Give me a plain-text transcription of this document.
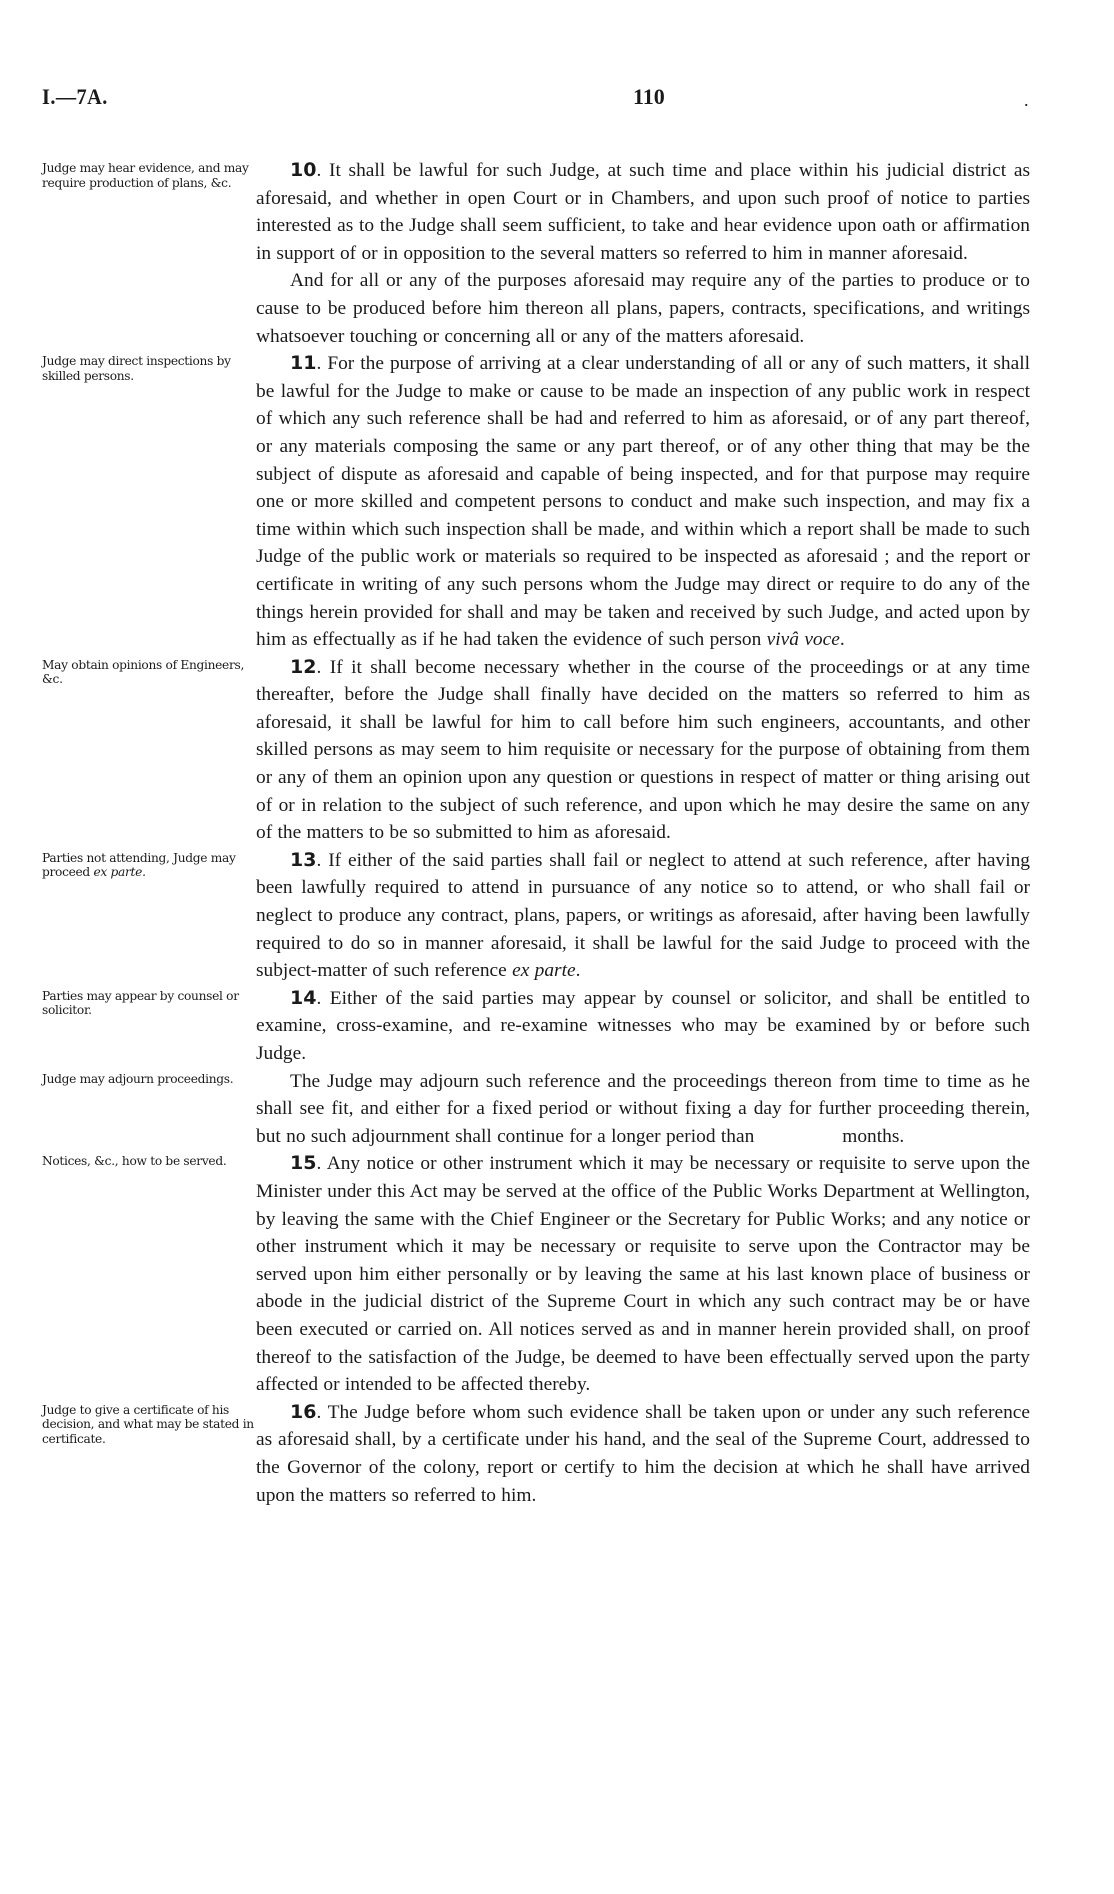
I.—7A.	110	.
Judge may hear evidence, and may require production of plans, &c.

10. It shall be lawful for such Judge, at such time and place within his judicial district as aforesaid, and whether in open Court or in Chambers, and upon such proof of notice to parties interested as to the Judge shall seem sufficient, to take and hear evidence upon oath or affirmation in support of or in opposition to the several matters so referred to him in manner aforesaid.

And for all or any of the purposes aforesaid may require any of the parties to produce or to cause to be produced before him thereon all plans, papers, contracts, specifications, and writings whatsoever touching or concerning all or any of the matters aforesaid.

Judge may direct inspections by skilled persons.

11. For the purpose of arriving at a clear understanding of all or any of such matters, it shall be lawful for the Judge to make or cause to be made an inspection of any public work in respect of which any such reference shall be had and referred to him as aforesaid, or of any part thereof, or any materials composing the same or any part thereof, or of any other thing that may be the subject of dispute as aforesaid and capable of being inspected, and for that purpose may require one or more skilled and competent persons to conduct and make such inspection, and may fix a time within which such inspection shall be made, and within which a report shall be made to such Judge of the public work or materials so required to be inspected as aforesaid ; and the report or certificate in writing of any such persons whom the Judge may direct or require to do any of the things herein provided for shall and may be taken and received by such Judge, and acted upon by him as effectually as if he had taken the evidence of such person vivâ voce.

May obtain opinions of Engineers, &c.

12. If it shall become necessary whether in the course of the proceedings or at any time thereafter, before the Judge shall finally have decided on the matters so referred to him as aforesaid, it shall be lawful for him to call before him such engineers, accountants, and other skilled persons as may seem to him requisite or necessary for the purpose of obtaining from them or any of them an opinion upon any question or questions in respect of matter or thing arising out of or in relation to the subject of such reference, and upon which he may desire the same on any of the matters to be so submitted to him as aforesaid.

Parties not attending, Judge may proceed ex parte.

13. If either of the said parties shall fail or neglect to attend at such reference, after having been lawfully required to attend in pursuance of any notice so to attend, or who shall fail or neglect to produce any contract, plans, papers, or writings as aforesaid, after having been lawfully required to do so in manner aforesaid, it shall be lawful for the said Judge to proceed with the subject-matter of such reference ex parte.

Parties may appear by counsel or solicitor.

14. Either of the said parties may appear by counsel or solicitor, and shall be entitled to examine, cross-examine, and re-examine witnesses who may be examined by or before such Judge.

Judge may adjourn proceedings.	The Judge may adjourn such reference and the proceedings thereon from time to time as he shall see fit, and either for a fixed period or without fixing a day for further proceeding therein, but no such adjournment shall continue for a longer period than	months.

Notices, &c., how to be served.	15. Any notice or other instrument which it may be necessary or requisite to serve upon the Minister under this Act may be served at the office of the Public Works Department at Wellington, by leaving the same with the Chief Engineer or the Secretary for Public Works; and any notice or other instrument which it may be necessary or requisite to serve upon the Contractor may be served upon him either personally or by leaving the same at his last known place of business or abode in the judicial district of the Supreme Court in which any such contract may be or have been executed or carried on. All notices served as and in manner herein provided shall, on proof thereof to the satisfaction of the Judge, be deemed to have been effectually served upon the party affected or intended to be affected thereby.

Judge to give a certificate of his decision, and what may be stated in certificate.

16. The Judge before whom such evidence shall be taken upon or under any such reference as aforesaid shall, by a certificate under his hand, and the seal of the Supreme Court, addressed to the Governor of the colony, report or certify to him the decision at which he shall have arrived upon the matters so referred to him.
